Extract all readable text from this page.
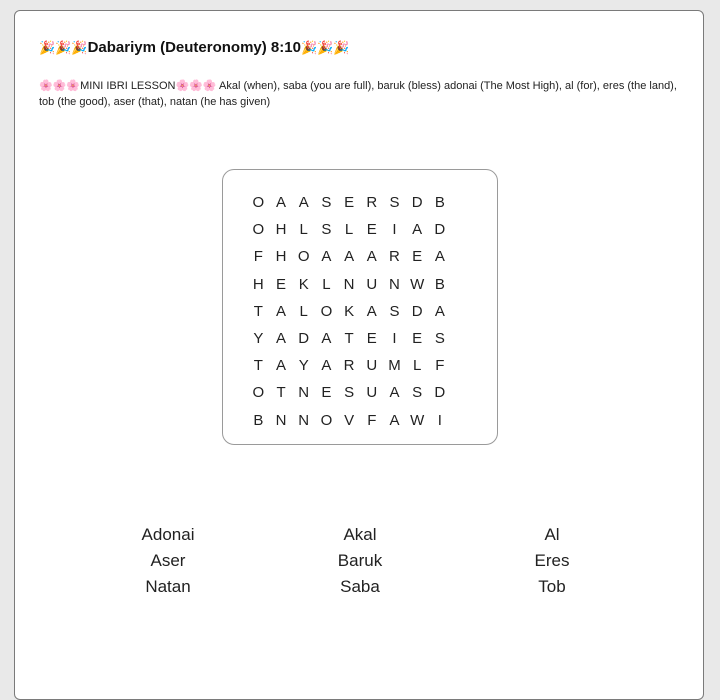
🎉🎉🎉Dabariym (Deuteronomy) 8:10🎉🎉🎉
🌸🌸🌸MINI IBRI LESSON🌸🌸🌸 Akal (when), saba (you are full), baruk (bless) adonai (The Most High), al (for), eres (the land), tob (the good), aser (that), natan (he has given)
O A A S E R S D B
O H L S L E	I	A D
F H O A A A R E A
H E K L N U N W B
T A L O K A S D A
Y A D A T E	I	E S
T A Y A R U M L F
O T N E S U A S D
B N N O V F A W I
Adonai	Akal	Al
Aser	Baruk	Eres
Natan	Saba	Tob
